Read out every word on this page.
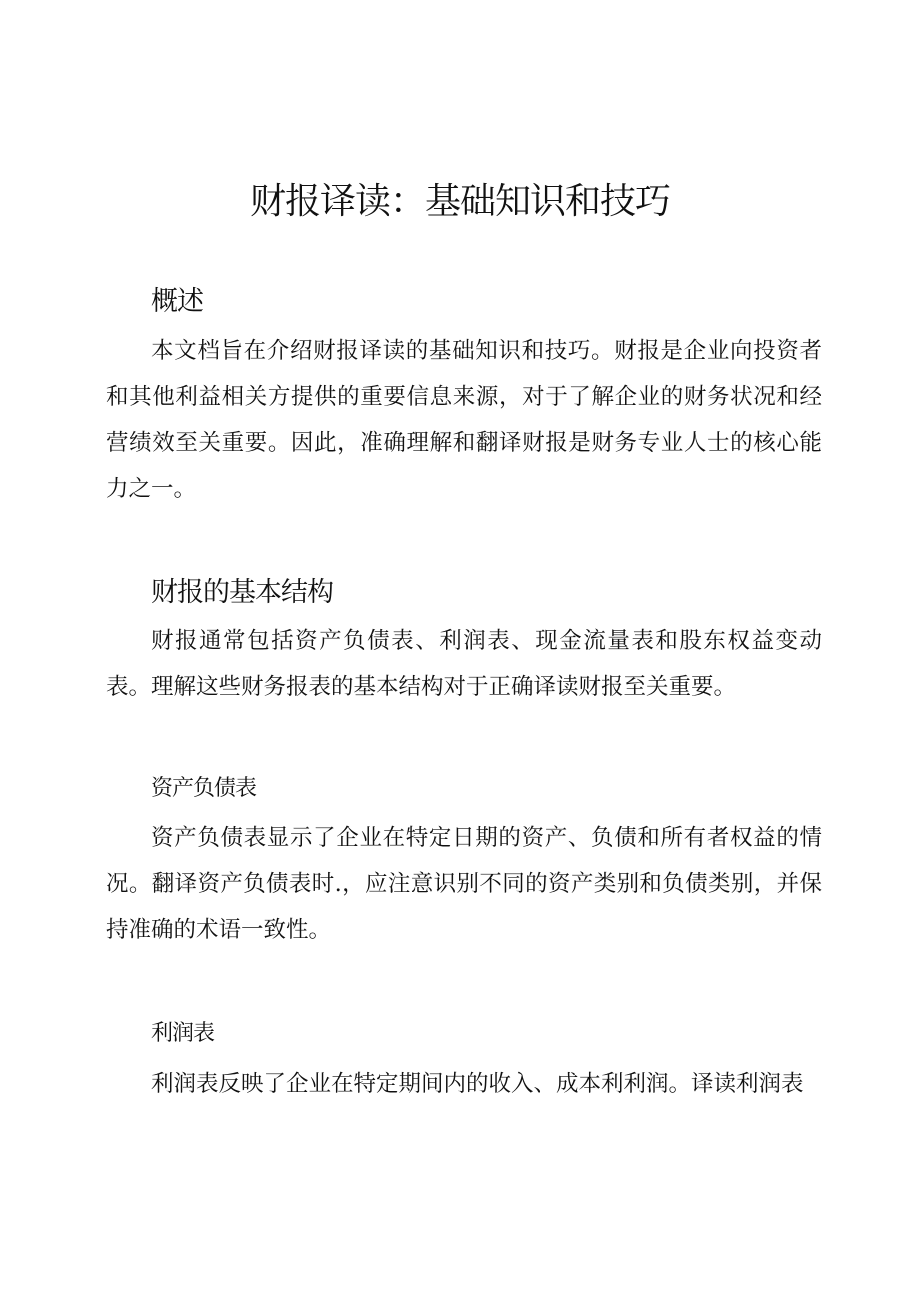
财报译读：基础知识和技巧
概述

本文档旨在介绍财报译读的基础知识和技巧。财报是企业向投资者和其他利益相关方提供的重要信息来源，对于了解企业的财务状况和经营绩效至关重要。因此，准确理解和翻译财报是财务专业人士的核心能力之一。

财报的基本结构

财报通常包括资产负债表、利润表、现金流量表和股东权益变动表。理解这些财务报表的基本结构对于正确译读财报至关重要。

资产负债表

资产负债表显示了企业在特定日期的资产、负债和所有者权益的情况。翻译资产负债表时.，应注意识别不同的资产类别和负债类别，并保持准确的术语一致性。

利润表

利润表反映了企业在特定期间内的收入、成本利利润。译读利润表
